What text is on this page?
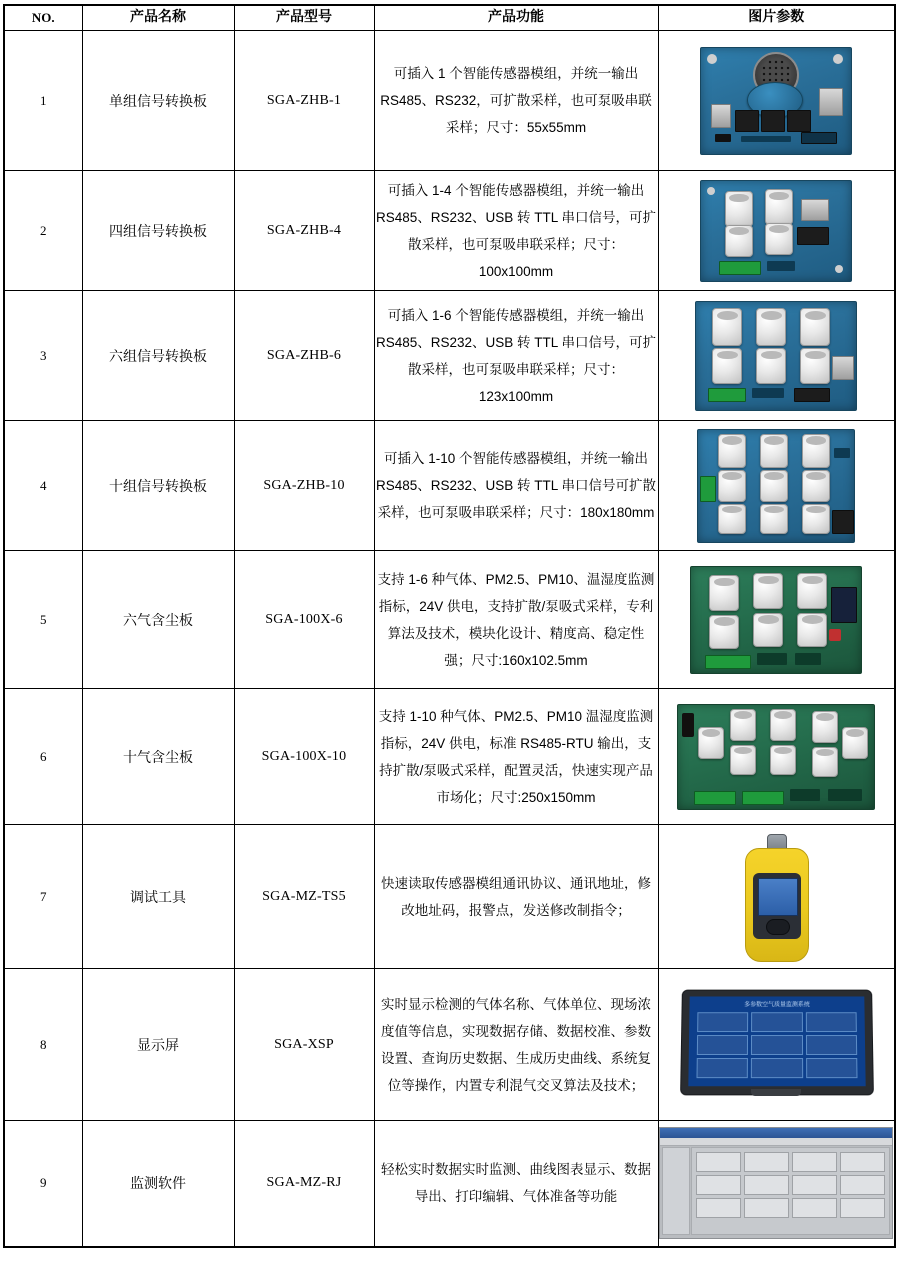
NO.	产品名称	产品型号	产品功能	图片参数
1	单组信号转换板	SGA-ZHB-1	可插入 1 个智能传感器模组，并统一输出 RS485、RS232，可扩散采样，也可泵吸串联采样；尺寸：55x55mm	

2	四组信号转换板	SGA-ZHB-4	可插入 1-4 个智能传感器模组，并统一输出 RS485、RS232、USB 转 TTL 串口信号，可扩散采样，也可泵吸串联采样；尺寸：100x100mm	

3	六组信号转换板	SGA-ZHB-6	可插入 1-6 个智能传感器模组，并统一输出 RS485、RS232、USB 转 TTL 串口信号，可扩散采样，也可泵吸串联采样；尺寸：123x100mm	

4	十组信号转换板	SGA-ZHB-10	可插入 1-10 个智能传感器模组，并统一输出 RS485、RS232、USB 转 TTL 串口信号可扩散采样，也可泵吸串联采样；尺寸：180x180mm	

5	六气含尘板	SGA-100X-6	支持 1-6 种气体、PM2.5、PM10、温湿度监测指标，24V 供电，支持扩散/泵吸式采样，专利算法及技术，模块化设计、精度高、稳定性强；尺寸:160x102.5mm	

6	十气含尘板	SGA-100X-10	支持 1-10 种气体、PM2.5、PM10 温湿度监测指标，24V 供电，标准 RS485-RTU 输出，支持扩散/泵吸式采样，配置灵活，快速实现产品市场化；尺寸:250x150mm	

7	调试工具	SGA-MZ-TS5	快速读取传感器模组通讯协议、通讯地址，修改地址码，报警点，发送修改制指令；	

8	显示屏	SGA-XSP	实时显示检测的气体名称、气体单位、现场浓度值等信息，实现数据存储、数据校准、参数设置、查询历史数据、生成历史曲线、系统复位等操作，内置专利混气交叉算法及技术；	多参数空气质量监测系统

9	监测软件	SGA-MZ-RJ	轻松实时数据实时监测、曲线图表显示、数据导出、打印编辑、气体准备等功能	
